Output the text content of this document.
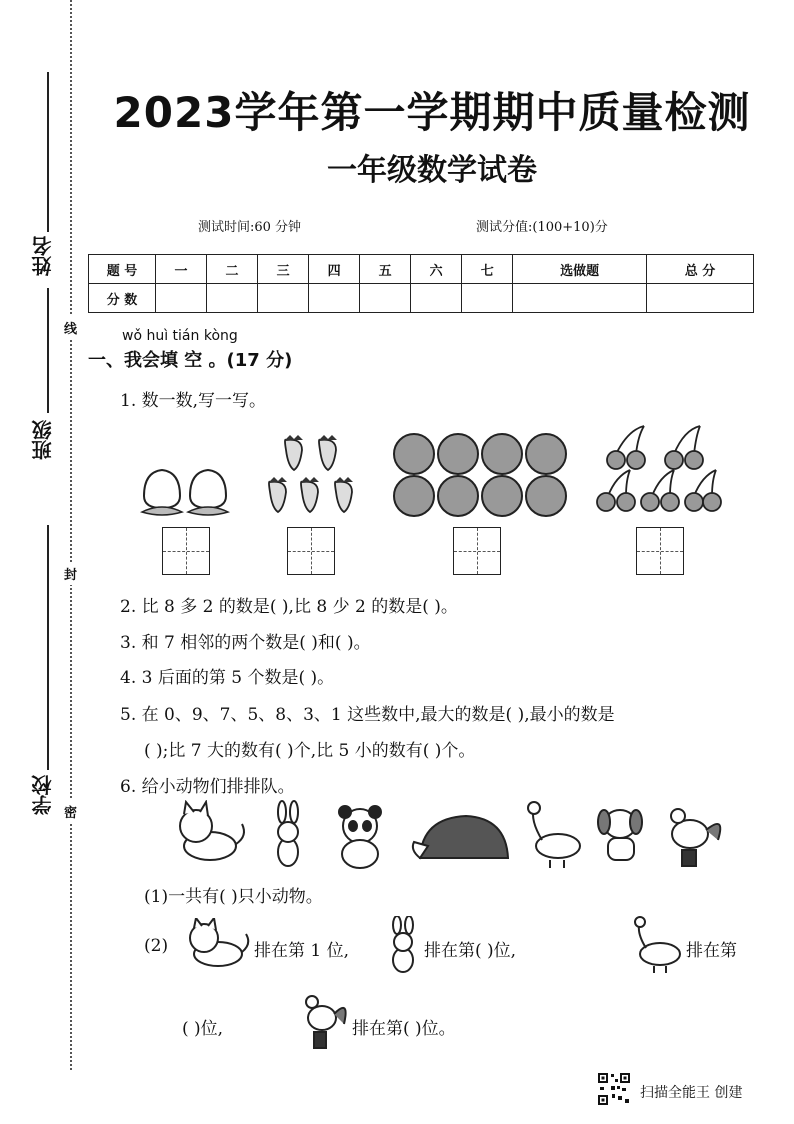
姓名
班级
学校
线
封
密
2023学年第一学期期中质量检测
一年级数学试卷
测试时间:60 分钟	测试分值:(100+10)分
题 号	一	二	三	四	五	六	七	选做题	总 分
分 数									
wǒ huì tián kòng
一、我会填 空 。(17 分)
1. 数一数,写一写。
2. 比 8 多 2 的数是( ),比 8 少 2 的数是( )。
3. 和 7 相邻的两个数是( )和( )。
4. 3 后面的第 5 个数是( )。
5. 在 0、9、7、5、8、3、1 这些数中,最大的数是( ),最小的数是
( );比 7 大的数有( )个,比 5 小的数有( )个。
6. 给小动物们排排队。
(1)一共有( )只小动物。
(2)	排在第 1 位,	排在第( )位,	排在第
( )位,	排在第( )位。
扫描全能王 创建
